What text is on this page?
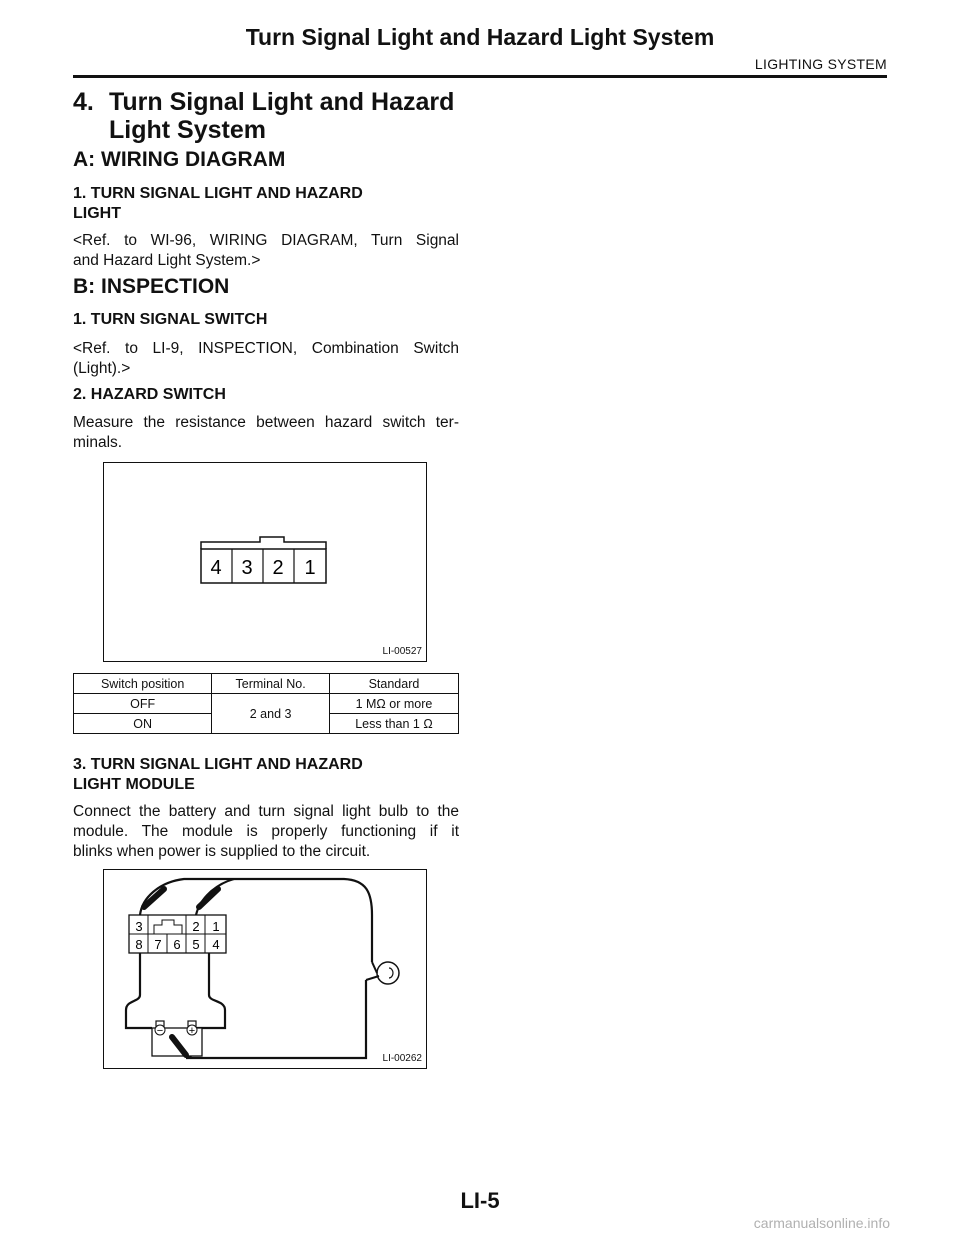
Turn Signal Light and Hazard Light System
LIGHTING SYSTEM
4. Turn Signal Light and Hazard
Light System
A: WIRING DIAGRAM
1. TURN SIGNAL LIGHT AND HAZARD
LIGHT
<Ref. to WI-96, WIRING DIAGRAM, Turn Signal
and Hazard Light System.>
B: INSPECTION
1. TURN SIGNAL SWITCH
<Ref. to LI-9, INSPECTION, Combination Switch
(Light).>
2. HAZARD SWITCH
Measure the resistance between hazard switch ter-
minals.
4 3 2 1
LI-00527
Switch position	Terminal No.	Standard
OFF	2 and 3	1 MΩ or more
ON		Less than 1 Ω
3. TURN SIGNAL LIGHT AND HAZARD
LIGHT MODULE
Connect the battery and turn signal light bulb to the
module. The module is properly functioning if it
blinks when power is supplied to the circuit.
3	2 1
8 7 6 5 4
− +
LI-00262
LI-5
carmanualsonline.info
